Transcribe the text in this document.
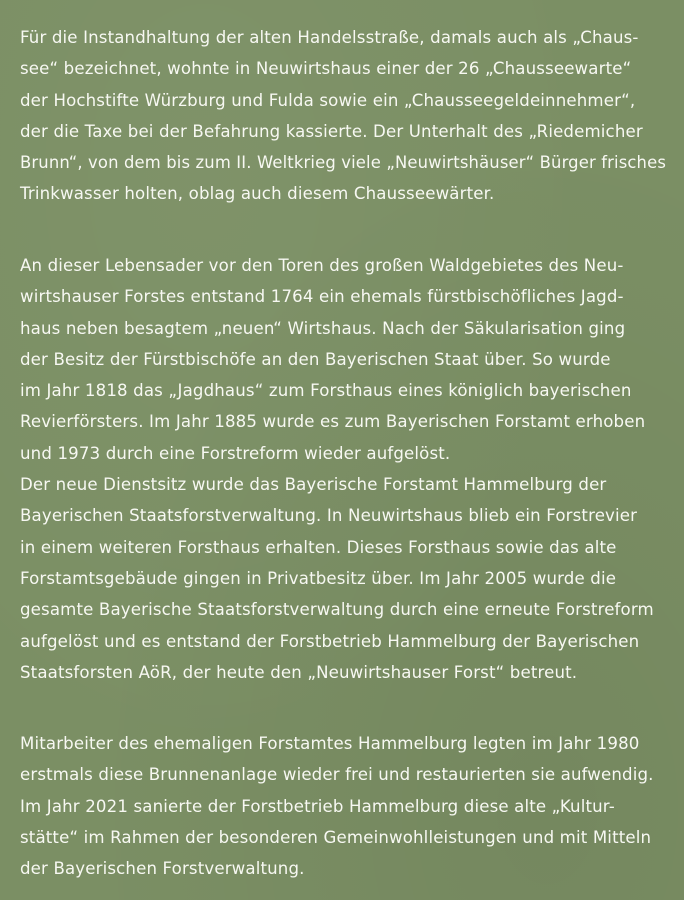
Für die Instandhaltung der alten Handelsstraße, damals auch als „Chaus-
see“ bezeichnet, wohnte in Neuwirtshaus einer der 26 „Chausseewarte“
der Hochstifte Würzburg und Fulda sowie ein „Chausseegeldeinnehmer“,
der die Taxe bei der Befahrung kassierte. Der Unterhalt des „Riedemicher
Brunn“, von dem bis zum II. Weltkrieg viele „Neuwirtshäuser“ Bürger frisches
Trinkwasser holten, oblag auch diesem Chausseewärter.
An dieser Lebensader vor den Toren des großen Waldgebietes des Neu-
wirtshauser Forstes entstand 1764 ein ehemals fürstbischöfliches Jagd-
haus neben besagtem „neuen“ Wirtshaus. Nach der Säkularisation ging
der Besitz der Fürstbischöfe an den Bayerischen Staat über. So wurde
im Jahr 1818 das „Jagdhaus“ zum Forsthaus eines königlich bayerischen
Revierförsters. Im Jahr 1885 wurde es zum Bayerischen Forstamt erhoben
und 1973 durch eine Forstreform wieder aufgelöst.
Der neue Dienstsitz wurde das Bayerische Forstamt Hammelburg der
Bayerischen Staatsforstverwaltung. In Neuwirtshaus blieb ein Forstrevier
in einem weiteren Forsthaus erhalten. Dieses Forsthaus sowie das alte
Forstamtsgebäude gingen in Privatbesitz über. Im Jahr 2005 wurde die
gesamte Bayerische Staatsforstverwaltung durch eine erneute Forstreform
aufgelöst und es entstand der Forstbetrieb Hammelburg der Bayerischen
Staatsforsten AöR, der heute den „Neuwirtshauser Forst“ betreut.
Mitarbeiter des ehemaligen Forstamtes Hammelburg legten im Jahr 1980
erstmals diese Brunnenanlage wieder frei und restaurierten sie aufwendig.
Im Jahr 2021 sanierte der Forstbetrieb Hammelburg diese alte „Kultur-
stätte“ im Rahmen der besonderen Gemeinwohlleistungen und mit Mitteln
der Bayerischen Forstverwaltung.
